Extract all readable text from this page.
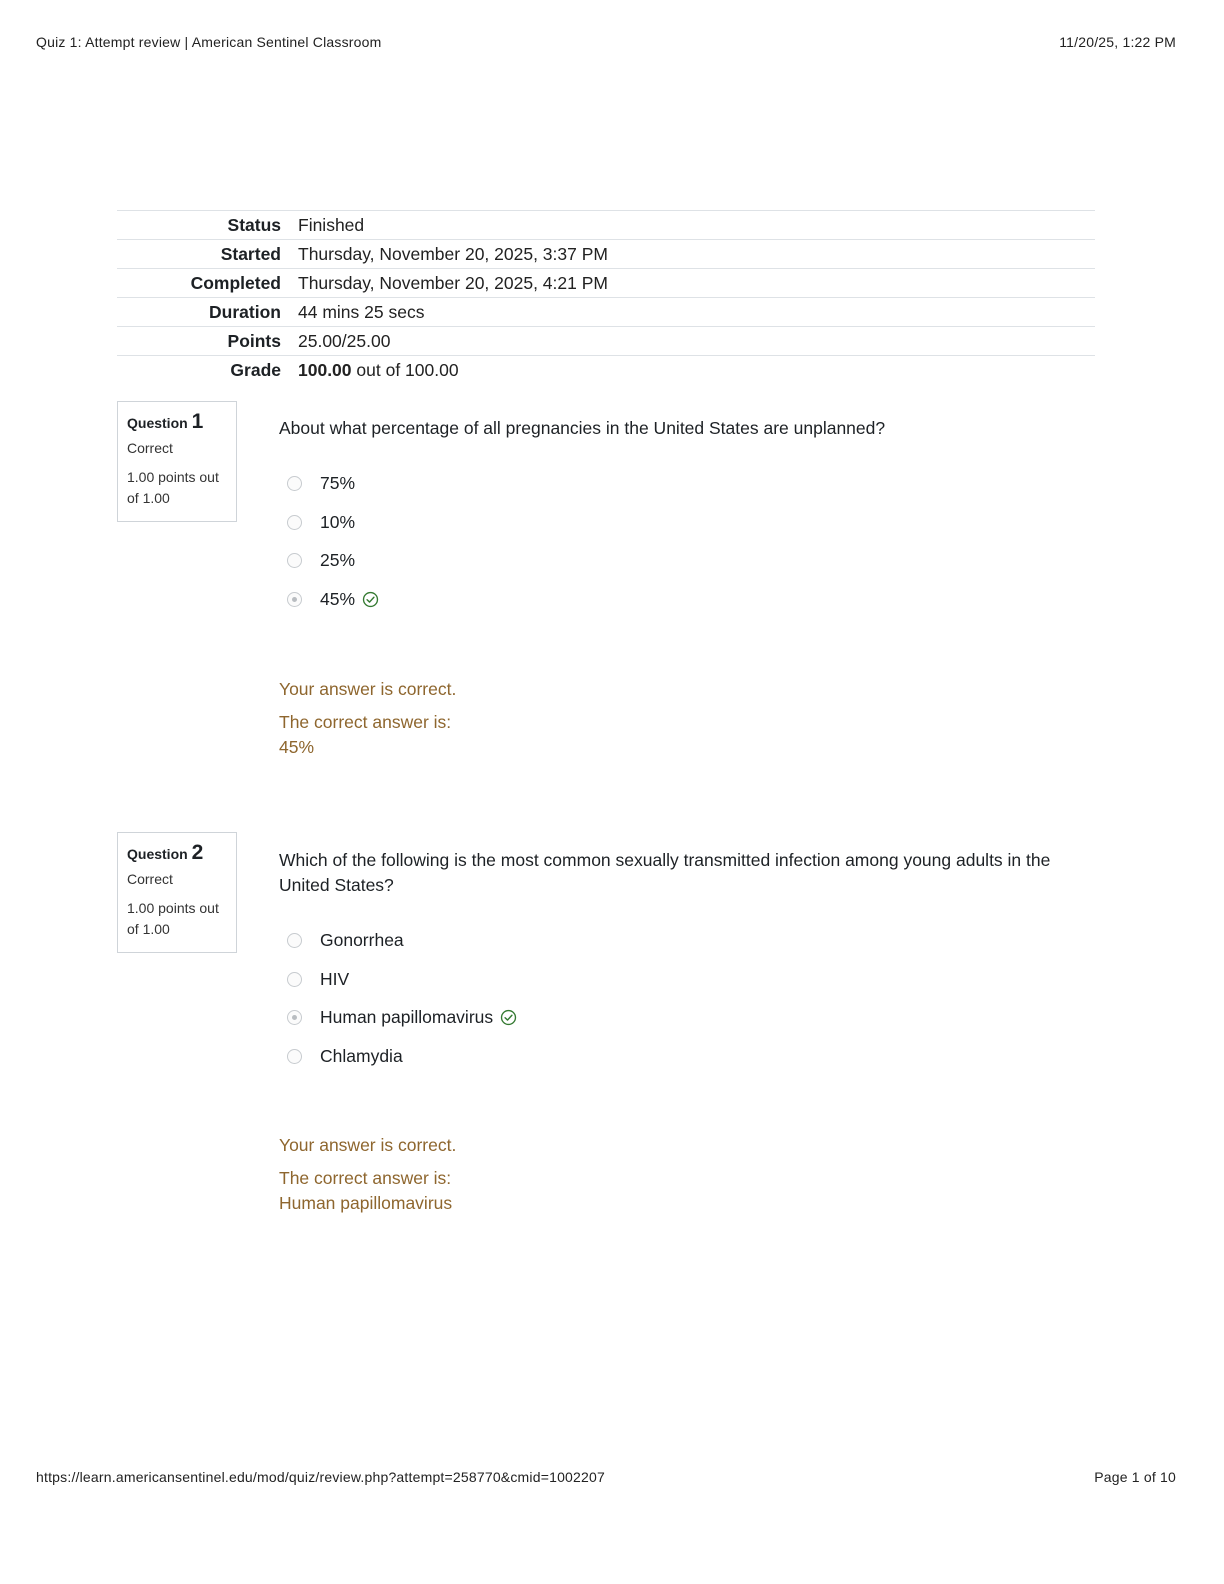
Quiz 1: Attempt review | American Sentinel Classroom	11/20/25, 1:22 PM
Status Finished
Started Thursday, November 20, 2025, 3:37 PM
Completed Thursday, November 20, 2025, 4:21 PM
Duration 44 mins 25 secs
Points 25.00/25.00
Grade 100.00 out of 100.00
Question 1
Correct
1.00 points out of 1.00
About what percentage of all pregnancies in the United States are unplanned?
75%
10%
25%
45%
Your answer is correct.
The correct answer is:
45%
Question 2
Correct
1.00 points out of 1.00
Which of the following is the most common sexually transmitted infection among young adults in the United States?
Gonorrhea
HIV
Human papillomavirus
Chlamydia
Your answer is correct.
The correct answer is:
Human papillomavirus
https://learn.americansentinel.edu/mod/quiz/review.php?attempt=258770&cmid=1002207	Page 1 of 10
